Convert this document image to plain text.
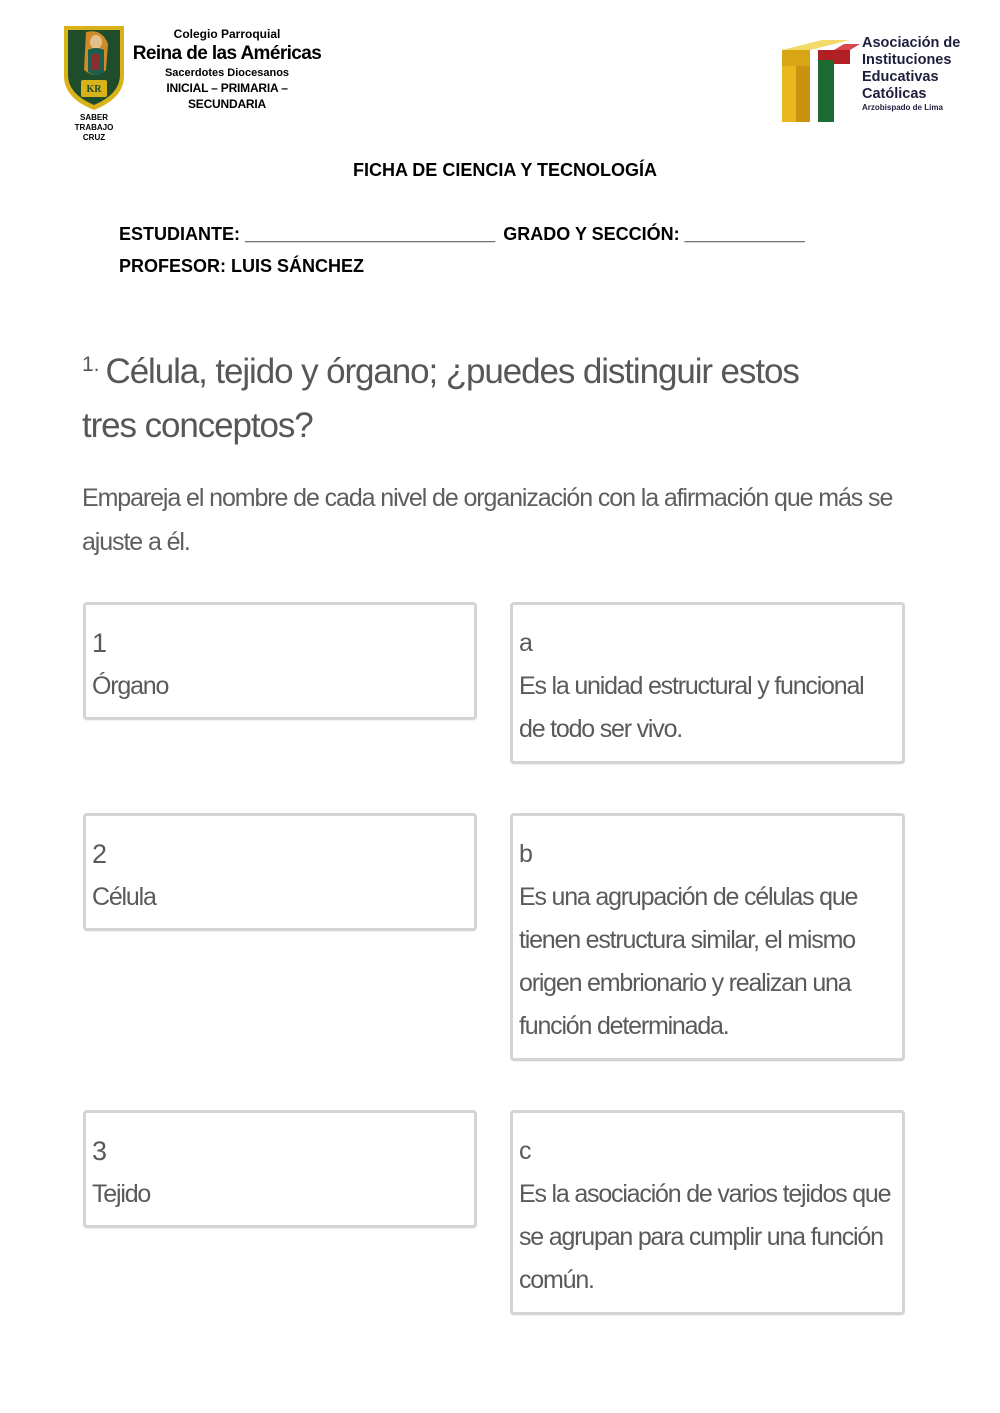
KR
SABER
TRABAJO
CRUZ
Colegio Parroquial
Reina de las Américas
Sacerdotes Diocesanos
INICIAL – PRIMARIA – SECUNDARIA
Asociación de
Instituciones
Educativas
Católicas
Arzobispado de Lima
FICHA DE CIENCIA Y TECNOLOGÍA
ESTUDIANTE: _________________________ GRADO Y SECCIÓN: ____________
PROFESOR: LUIS SÁNCHEZ
$^{1.}$ Célula, tejido y órgano; ¿puedes distinguir estos tres conceptos?
Empareja el nombre de cada nivel de organización con la afirmación que más se ajuste a él.
1
Órgano
2
Célula
3
Tejido
a
Es la unidad estructural y funcional de todo ser vivo.
b
Es una agrupación de células que tienen estructura similar, el mismo origen embrionario y realizan una función determinada.
c
Es la asociación de varios tejidos que se agrupan para cumplir una función común.
